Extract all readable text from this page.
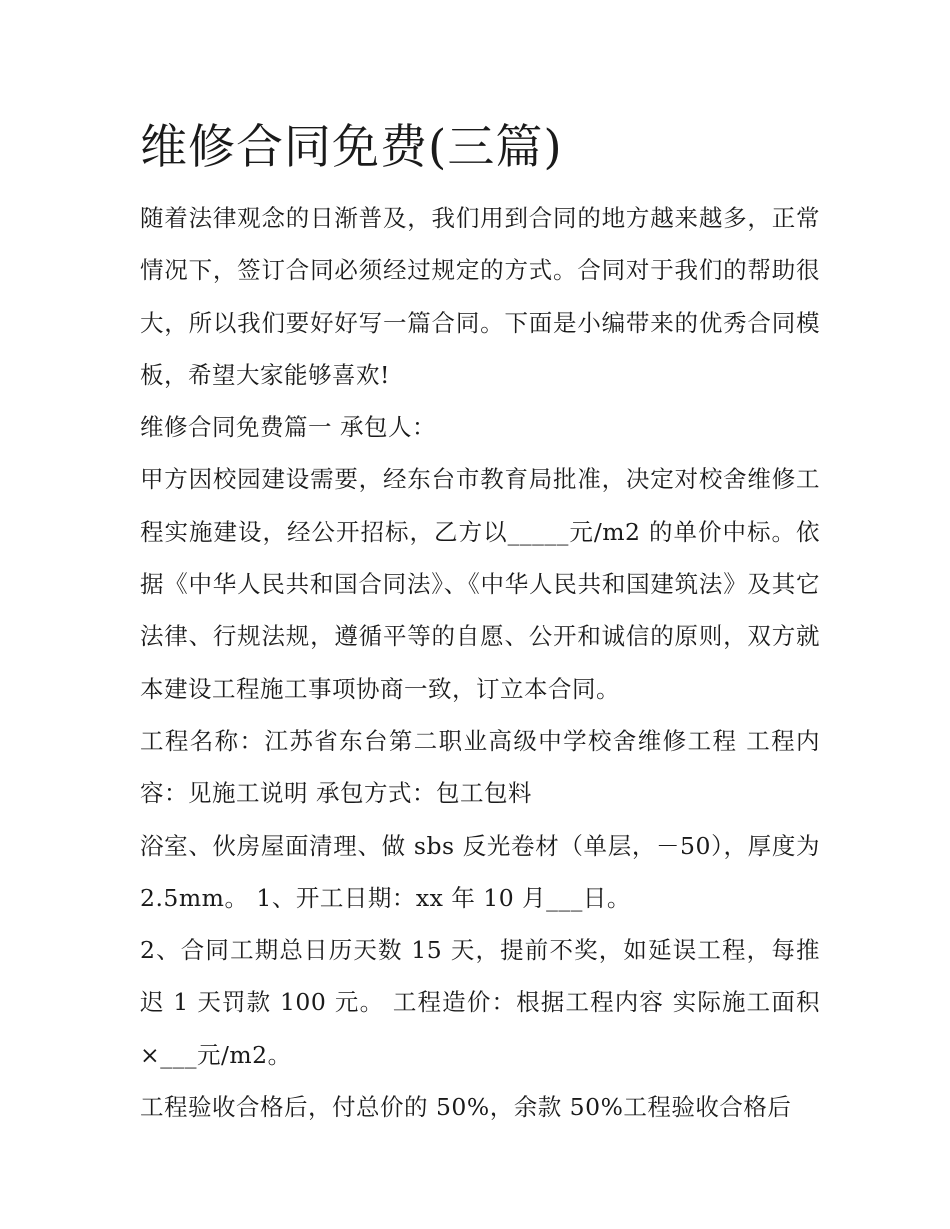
维修合同免费(三篇)

随着法律观念的日渐普及，我们用到合同的地方越来越多，正常情况下，签订合同必须经过规定的方式。合同对于我们的帮助很大，所以我们要好好写一篇合同。下面是小编带来的优秀合同模板，希望大家能够喜欢!

维修合同免费篇一 承包人：

甲方因校园建设需要，经东台市教育局批准，决定对校舍维修工程实施建设，经公开招标，乙方以_____元/m2 的单价中标。依据《中华人民共和国合同法》、《中华人民共和国建筑法》及其它法律、行规法规，遵循平等的自愿、公开和诚信的原则，双方就本建设工程施工事项协商一致，订立本合同。

工程名称：江苏省东台第二职业高级中学校舍维修工程 工程内容：见施工说明 承包方式：包工包料

浴室、伙房屋面清理、做 sbs 反光卷材（单层，－50），厚度为 2.5mm。 1、开工日期：xx 年 10 月___日。

2、合同工期总日历天数 15 天，提前不奖，如延误工程，每推迟 1 天罚款 100 元。 工程造价：根据工程内容 实际施工面积×___元/m2。

工程验收合格后，付总价的 50%，余款 50%工程验收合格后
